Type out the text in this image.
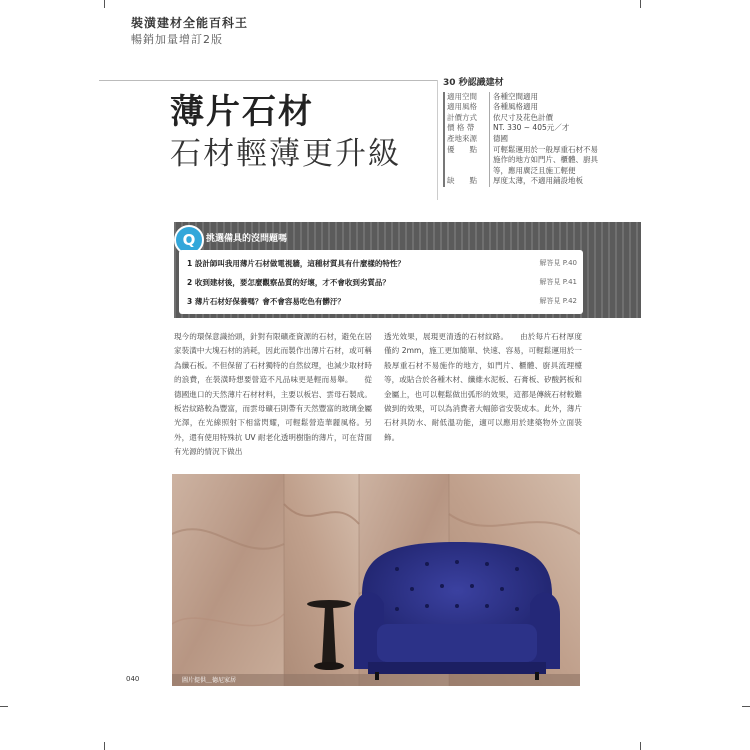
裝潢建材全能百科王
暢銷加量增訂2版
薄片石材
石材輕薄更升級
30 秒認識建材
適用空間	各種空間適用
適用風格	各種風格適用
計價方式	依尺寸及花色計價
價 格 帶	NT. 330 ~ 405元／才
產地來源	德國
優　　點	可輕鬆運用於一般厚重石材不易施作的地方如門片、櫃體、廚具等，應用廣泛且施工輕便
缺　　點	厚度太薄，不適用鋪設地板
Q	挑選備具的沒問題嗎
1 設計師叫我用薄片石材做電視牆，這種材質具有什麼樣的特性？	解答見 P.40
2 收到建材後，要怎麼觀察品質的好壞，才不會收到劣質品？	解答見 P.41
3 薄片石材好保養嗎？會不會容易吃色有髒汙？	解答見 P.42
現今的環保意識抬頭，針對有限礦產資源的石材，避免在居家裝潢中大塊石材的消耗，因此而製作出薄片石材，或可稱為纖石板。不但保留了石材獨特的自然紋理，也減少取材時的浪費，在裝潢時想要營造不凡品味更是輕而易舉。　　從德國進口的天然薄片石材材料，主要以板岩、雲母石製成。板岩紋路較為豐富，而雲母礦石則帶有天然豐富的玻璃金屬光澤，在光線照射下相當閃耀，可輕鬆營造華麗風格。另外，還有使用特殊抗 UV 耐老化透明樹脂的薄片，可在背面有光源的情況下做出
透光效果，展現更清透的石材紋路。　　由於每片石材厚度僅約 2mm，施工更加簡單、快速、容易，可輕鬆運用於一般厚重石材不易施作的地方，如門片、櫃體、廚具流理檯等，或貼合於各種木材、纖維水泥板、石膏板、矽酸鈣板和金屬上，也可以輕鬆做出弧形的效果，這都是傳統石材較難做到的效果，可以為消費者大幅節省安裝成本。此外，薄片石材具防水、耐低溫功能，適可以應用於建築物外立面裝飾。
圖片提供＿德尼家居
040
